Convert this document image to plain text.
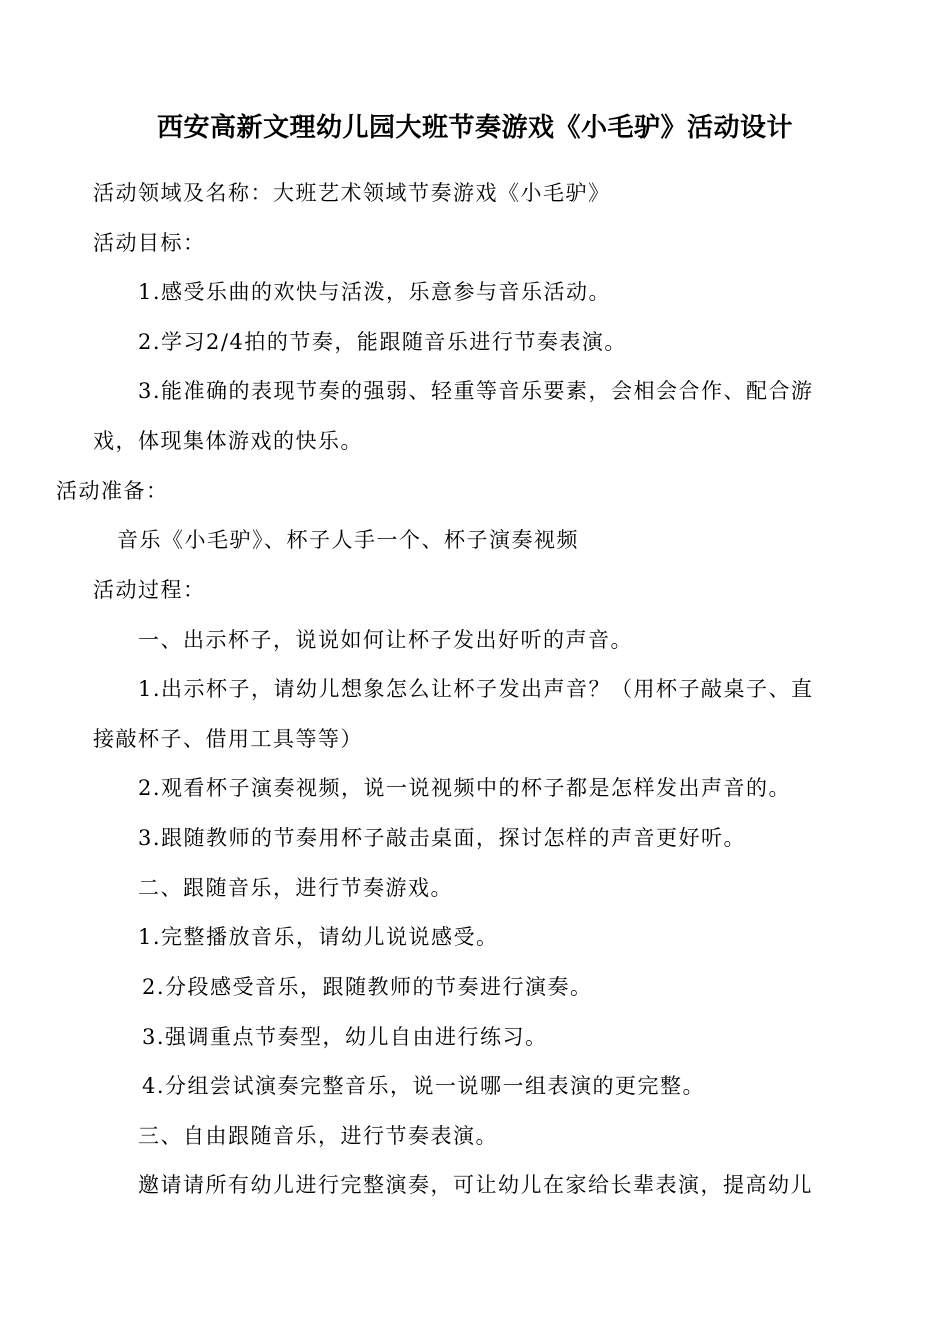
西安高新文理幼儿园大班节奏游戏《小毛驴》活动设计
活动领域及名称：大班艺术领域节奏游戏《小毛驴》
活动目标：
1.感受乐曲的欢快与活泼，乐意参与音乐活动。
2.学习2/4拍的节奏，能跟随音乐进行节奏表演。
3.能准确的表现节奏的强弱、轻重等音乐要素，会相会合作、配合游
戏，体现集体游戏的快乐。
活动准备：
音乐《小毛驴》、杯子人手一个、杯子演奏视频
活动过程：
一、出示杯子，说说如何让杯子发出好听的声音。
1.出示杯子，请幼儿想象怎么让杯子发出声音？（用杯子敲桌子、直
接敲杯子、借用工具等等）
2.观看杯子演奏视频，说一说视频中的杯子都是怎样发出声音的。
3.跟随教师的节奏用杯子敲击桌面，探讨怎样的声音更好听。
二、跟随音乐，进行节奏游戏。
1.完整播放音乐，请幼儿说说感受。
2.分段感受音乐，跟随教师的节奏进行演奏。
3.强调重点节奏型，幼儿自由进行练习。
4.分组尝试演奏完整音乐，说一说哪一组表演的更完整。
三、自由跟随音乐，进行节奏表演。
邀请请所有幼儿进行完整演奏，可让幼儿在家给长辈表演，提高幼儿
